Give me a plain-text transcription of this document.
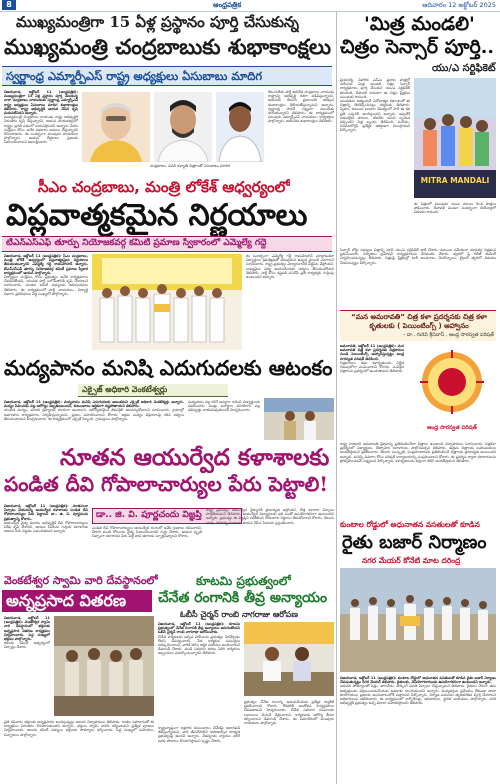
8	ఆంధ్రపత్రిక	ఆదివారం 12 అక్టోబర్ 2025
ముఖ్యమంత్రిగా 15 ఏళ్ల ప్రస్థానం పూర్తి చేసుకున్న
ముఖ్యమంత్రి చంద్రబాబుకు శుభాకాంక్షలు
స్వర్ణాంధ్ర ఎమ్మార్పీఎస్ రాష్ట్ర అధ్యక్షులు ఏసుబాబు మాదిగ
విజయవాడ, అక్టోబర్ 11 (ఆంధ్రపత్రిక): ముఖ్యమంత్రిగా 15 ఏళ్ల ప్రస్థానం పూర్తి చేసుకున్న నారా చంద్రబాబు నాయుడుకు స్వర్ణాంధ్ర ఎమ్మార్పీఎస్ రాష్ట్ర అధ్యక్షులు ఏసుబాబు మాదిగ శుభాకాంక్షలు తెలిపారు. రాష్ట్ర అభివృద్ధికి ఆయన చేసిన కృషి మరువలేనిదని అన్నారు.
ముఖ్యమంత్రి చంద్రబాబు నాయుడు రాష్ట్ర అభివృద్ధికి నిరంతరం కృషి చేస్తున్నారని, ఆయన నాయకత్వంలో రాష్ట్రం ప్రగతి పథంలో పయనిస్తోందని అన్నారు. పేదల సంక్షేమం కోసం అనేక పథకాలు అమలు చేస్తున్నారని కొనియాడారు. ఈ సందర్భంగా పలువురు నాయకులు పాల్గొన్నారు. ఆయన దీర్ఘకాలం ప్రజలకు సేవలందించాలని ఆకాంక్షించారు.
చంద్రబాబు, పవన్ కళ్యాణ్ చిత్రాలతో ఏసుబాబు మాదిగ
తెలుగుదేశం పార్టీ అధినేత చంద్రబాబు నాయుడు రాష్ట్రాన్ని అభివృద్ధి దిశగా నడిపిస్తున్నారని, ఆయనకు తెలుగు ప్రజలందరి తరఫున శుభాకాంక్షలు తెలియజేస్తున్నామని అన్నారు. స్వర్ణాంధ్ర సాధనే లక్ష్యంగా ముందుకు సాగుతున్నారని తెలిపారు. ఈ కార్యక్రమంలో పలువురు ఎమ్మార్పీఎస్ నాయకులు, కార్యకర్తలు పాల్గొన్నారు. ఆయనకు శుభాకాంక్షలు తెలిపారు.
సీఎం చంద్రబాబు, మంత్రి లోకేశ్ ఆధ్వర్యంలో
విప్లవాత్మకమైన నిర్ణయాలు
టీఎన్ఎస్ఎఫ్ తూర్పు నియోజకవర్గ కమిటీ ప్రమాణ స్వీకారంలో ఎమ్మెల్యే గద్దె
విజయవాడ, అక్టోబర్ 11 (ఆంధ్రపత్రిక): సీఎం చంద్రబాబు, మంత్రి లోకేశ్ ఆధ్వర్యంలో విప్లవాత్మకమైన నిర్ణయాలు తీసుకుంటున్నారని ఎమ్మెల్యే గద్దె రామమోహన్ అన్నారు. టీఎన్ఎస్ఎఫ్ తూర్పు నియోజకవర్గ కమిటీ ప్రమాణ స్వీకార కార్యక్రమంలో ఆయన పాల్గొన్నారు.
విద్యార్థుల సంక్షేమం కోసం ప్రభుత్వం అనేక కార్యక్రమాలు చేపడుతోందని, యువత పార్టీ బలోపేతానికి కృషి చేయాలని సూచించారు. నూతన కమిటీ సభ్యులకు అభినందనలు తెలిపారు. ఈ కార్యక్రమంలో పార్టీ నాయకులు, విద్యార్థి విభాగం ప్రతినిధులు పెద్ద సంఖ్యలో పాల్గొన్నారు.
ఈ సందర్భంగా ఎమ్మెల్యే గద్దె రామమోహన్ మాట్లాడుతూ విద్యార్థులు క్రమశిక్షణతో చదువుకుని ఉన్నత స్థాయికి ఎదగాలని సూచించారు. రాష్ట్ర ప్రభుత్వం విద్యారంగానికి పెద్దపీట వేస్తోందని, నాణ్యమైన విద్య అందించేందుకు చర్యలు తీసుకుంటోందని తెలిపారు. పార్టీ కోసం కష్టపడి పనిచేసే ప్రతి కార్యకర్తకు గుర్తింపు ఉంటుందని అన్నారు.
మద్యపానం మనిషి ఎదుగుదలకు ఆటంకం
ఎక్సైజ్ అధికారి వెంకటేశ్వర్లు
విజయవాడ, అక్టోబర్ 11 (ఆంధ్రపత్రిక): మద్యపానం మనిషి ఎదుగుదలకు ఆటంకమని ఎక్సైజ్ అధికారి వెంకటేశ్వర్లు అన్నారు. మద్యం సేవించడం వల్ల ఆరోగ్యం దెబ్బతింటుందని, కుటుంబాలు ఆర్థికంగా నష్టపోతాయని తెలిపారు.
యువత మద్యం, మాదక ద్రవ్యాలకు దూరంగా ఉండాలని, ఆరోగ్యకరమైన జీవనశైలి అలవర్చుకోవాలని సూచించారు. గ్రామాల్లో అవగాహన కార్యక్రమాలు నిర్వహిస్తున్నామని, ప్రజలు సహకరించాలని కోరారు. అక్రమ మద్యం విక్రయాలపై కఠిన చర్యలు తీసుకుంటామని హెచ్చరించారు. ఈ కార్యక్రమంలో ఎక్సైజ్ సిబ్బంది, గ్రామస్తులు పాల్గొన్నారు.
మద్యపానం వల్ల కలిగే అనర్థాల గురించి విద్యార్థులకు వివరించారు. మత్తు పదార్థాల వినియోగం వల్ల భవిష్యత్తు నాశనమవుతుందని హెచ్చరించారు.
నూతన ఆయుర్వేద కళాశాలకు
పండిత దీవి గోపాలాచార్యుల పేరు పెట్టాలి!
విజయవాడ, అక్టోబర్ 11 (ఆంధ్రపత్రిక): నూతనంగా ఏర్పాటు చేయనున్న ఆయుర్వేద కళాశాలకు పండిత దీవి గోపాలాచార్యుల పేరు పెట్టాలని డా.. జి. వి. పూర్ణచందు ప్రభుత్వాన్ని కోరారు.
ఆయుర్వేద వైద్య విధానం అభివృద్ధికి దీవి గోపాలాచార్యులు విశేష కృషి చేశారని, ఆయన సేవలను గుర్తించి కళాశాలకు ఆయన పేరు పెట్టడం సముచితమని అన్నారు.
డా.. జి. వి. పూర్ణచందు విజ్ఞప్తి
పండిత దీవి గోపాలాచార్యులు ఆయుర్వేద రంగంలో అనేక గ్రంథాలు రచించారని, వేలాది మంది రోగులకు వైద్య సేవలందించారని గుర్తు చేశారు. ఆయన స్మృతి చిహ్నంగా కళాశాలకు పేరు పెట్టి భావి తరాలకు స్ఫూర్తినివ్వాలని కోరారు.
రాష్ట్ర ప్రభుత్వం ఆయుర్వేద వైద్యానికి ప్రాధాన్యత ఇస్తోందని, కొత్త కళాశాల ఏర్పాటు హర్షణీయమని తెలిపారు. ఆయుర్వేద విద్యార్థులకు ఇది ఎంతో ఉపయోగకరంగా ఉంటుందని అన్నారు. ప్రభుత్వం ఈ విజ్ఞప్తిని పరిశీలించి సానుకూల నిర్ణయం తీసుకోవాలని కోరారు. తెలుగు భాషా, సాహిత్య రంగాలకు ఆయన చేసిన సేవలను ప్రస్తుతించారు.
వెంకటేశ్వర స్వామి వారి దేవస్థానంలో
అన్నప్రసాద వితరణ
విజయవాడ, అక్టోబర్ 11 (ఆంధ్రపత్రిక): వెంకటేశ్వర స్వామి వారి దేవస్థానంలో భక్తులకు అన్నప్రసాద వితరణ కార్యక్రమం నిర్వహించారు. పెద్ద సంఖ్యలో భక్తులు పాల్గొన్నారు.
ఆలయ కమిటీ ఆధ్వర్యంలో ఏర్పాట్లు చేశారు.
ప్రతి శనివారం భక్తులకు అన్నప్రసాదం అందిస్తున్నట్లు ఆలయ నిర్వాహకులు తెలిపారు. దాతల సహకారంతో ఈ కార్యక్రమం నిరంతరం కొనసాగుతుందని అన్నారు. భక్తులు స్వామి వారిని దర్శించుకుని ప్రత్యేక పూజలు నిర్వహించారు. ఆలయ కమిటీ సభ్యులు భక్తులకు సౌకర్యాలు కల్పించారు. పెద్ద సంఖ్యలో మహిళలు, చిన్నారులు పాల్గొన్నారు.
కూటమి ప్రభుత్వంలో
చేనేత రంగానికి తీవ్ర అన్యాయం
ఓబీసీ చైర్మన్ రాంబి నాగరాజు ఆరోపణ
విజయవాడ, అక్టోబర్ 11 (ఆంధ్రపత్రిక): కూటమి ప్రభుత్వంలో చేనేత రంగానికి తీవ్ర అన్యాయం జరుగుతోందని ఓబీసీ చైర్మన్ రాంబి నాగరాజు ఆరోపించారు.
చేనేత కార్మికులకు ఇచ్చిన హామీలను ప్రభుత్వం నెరవేర్చడం లేదని విమర్శించారు. నేత కార్మికుల సమస్యలు పరిష్కరించాలని, వారికి తగిన ఆర్థిక సహాయం అందించాలని డిమాండ్ చేశారు. ముడి సరుకుల ధరలు పెరిగి కార్మికులు ఇబ్బందులు ఎదుర్కొంటున్నారని తెలిపారు.
ప్రభుత్వం చేనేత రంగాన్ని ఆదుకునేందుకు ప్రత్యేక ప్యాకేజీ ప్రకటించాలని కోరారు. లేకపోతే ఆందోళన కార్యక్రమాలు చేపడతామని హెచ్చరించారు. చేనేత సహకార సంఘాలకు బకాయిలు వెంటనే చెల్లించాలని, కార్మికులకు ఆరోగ్య బీమా కల్పించాలని డిమాండ్ చేశారు. ఈ సమావేశంలో పలువురు నాయకులు పాల్గొన్నారు.
రాష్ట్రవ్యాప్తంగా లక్షలాది కుటుంబాలు చేనేతపై ఆధారపడి జీవిస్తున్నాయని, వారి జీవనోపాధిని కాపాడాల్సిన బాధ్యత ప్రభుత్వంపై ఉందని అన్నారు. నేతన్నలకు న్యాయం జరిగే వరకు పోరాటం కొనసాగిస్తామని స్పష్టం చేశారు.
'మిత్ర మండలి'
చిత్రం సెన్సార్ పూర్తి..
యు/ఎ సర్టిఫికెట్
ప్రియదర్శి, నిహారిక ఎన్ఎం ప్రధాన పాత్రల్లో నటించిన మిత్ర మండలి చిత్రం సెన్సార్ కార్యక్రమాలు పూర్తి చేసుకుని యు/ఎ సర్టిఫికెట్ పొందింది. దీపావళి కానుకగా ఈ చిత్రం ప్రేక్షకుల ముందుకు రానుంది.
యువతను ఆకట్టుకునే వినోదాత్మక కథాంశంతో ఈ చిత్రాన్ని తెరకెక్కించినట్లు దర్శకుడు తెలిపారు. స్నేహం, కుటుంబ బంధాల నేపథ్యంలో సాగే ఈ కథ ప్రతి ఒక్కరినీ అలరిస్తుందని అన్నారు. ఇప్పటికే విడుదలైన పాటలు, టీజర్‌కు మంచి స్పందన వచ్చిందని చిత్ర బృందం తెలిపింది. సంగీతం, సినిమాటోగ్రఫీ ప్రత్యేక ఆకర్షణగా నిలుస్తాయని పేర్కొన్నారు.
MITRA MANDALI
ఈ చిత్రంలో పలువురు యువ నటులు కీలక పాత్రలు పోషించారు. దీపావళి పండుగ సందర్భంగా థియేటర్లలో విడుదల కానుంది.
సెన్సార్ బోర్డు సభ్యులు చిత్రాన్ని చూసి యు/ఎ సర్టిఫికెట్ జారీ చేశారు. కుటుంబ సమేతంగా చూడదగ్గ చిత్రమని ప్రశంసించారు. నిర్మాతలు ప్రమోషన్ కార్యక్రమాలను వేగవంతం చేశారు. త్వరలో ప్రీ రిలీజ్ ఈవెంట్ నిర్వహించనున్నట్లు తెలిపారు. చిత్రంపై ప్రేక్షకుల్లో భారీ అంచనాలు నెలకొన్నాయి. ట్రైలర్ త్వరలో విడుదల చేయనున్నట్లు పేర్కొన్నారు.
“మన అమరావతి” చిత్ర కళా ప్రదర్శనకు చిత్ర కళా కృతులకు ( పెయింటింగ్స్ ) ఆహ్వానం
– డా.. గురివి శ్రీనివాస్ , ఆంధ్ర సారస్వత పరిషత్
అమరావతి, అక్టోబర్ 11 (ఆంధ్రపత్రిక): మన అమరావతి చిత్ర కళా ప్రదర్శనకు చిత్రకారుల నుండి పెయింటింగ్స్ ఆహ్వానిస్తున్నట్లు ఆంధ్ర సారస్వత పరిషత్ తెలిపింది.
చిత్రకారులు తమ కళాకృతులను నిర్ణీత గడువులోగా పంపించాలని కోరారు. ఎంపికైన చిత్రాలను ప్రదర్శనలో ఉంచుతామని తెలిపారు.
ఆంధ్ర సారస్వత పరిషత్
రాష్ట్ర రాజధాని అమరావతి వైభవాన్ని ప్రతిబింబించేలా చిత్రాలు ఉండాలని నిర్వాహకులు సూచించారు. చిత్రకళా ప్రదర్శనలో విద్యార్థులు, ఔత్సాహిక కళాకారులు పాల్గొనవచ్చని తెలిపారు. ఉత్తమ చిత్రాలకు బహుమతులు అందజేస్తామని ప్రకటించారు. తెలుగు సంస్కృతి, సంప్రదాయాలను ప్రతిబింబించే చిత్రాలకు ప్రాధాన్యత ఉంటుందని అన్నారు. మరిన్ని వివరాల కోసం పరిషత్ కార్యాలయాన్ని సంప్రదించాలని కోరారు. ఈ ప్రదర్శన ద్వారా కళాకారులను ప్రోత్సహించడమే లక్ష్యమని పేర్కొన్నారు. కళాకృతులను భద్రంగా తిరిగి అందజేస్తామని తెలిపారు.
కుంటాల రోడ్డులో అధునాతన వసతులతో కూడిన
రైతు బజార్ నిర్మాణం
నగర మేయర్ కోనేటి మాట దరింద్ర
విజయవాడ, అక్టోబర్ 11 (ఆంధ్రపత్రిక): కుంటాల రోడ్డులో అధునాతన వసతులతో కూడిన రైతు బజార్ నిర్మాణం చేపడుతున్నట్లు నగర మేయర్ తెలిపారు. రైతులకు, వినియోగదారులకు ఉపయోగకరంగా ఉంటుందని అన్నారు.
ఆధునిక సౌకర్యాలతో షెడ్లు, తాగునీరు, పార్కింగ్ వసతి ఏర్పాటు చేస్తున్నామని తెలిపారు. రైతులు నేరుగా తమ ఉత్పత్తులను విక్రయించుకునేందుకు అవకాశం కలుగుతుందని అన్నారు. మధ్యవర్తుల ప్రమేయం లేకుండా తాజా కూరగాయలు ప్రజలకు అందుబాటులోకి వస్తాయని పేర్కొన్నారు. నిర్మాణ పనులను త్వరితగతిన పూర్తి చేయాలని అధికారులను ఆదేశించారు. ఈ కార్యక్రమంలో కార్పొరేటర్లు, అధికారులు, స్థానిక నాయకులు పాల్గొన్నారు. నగర అభివృద్ధికి ప్రభుత్వం అన్ని విధాలా సహకరిస్తోందని తెలిపారు.
